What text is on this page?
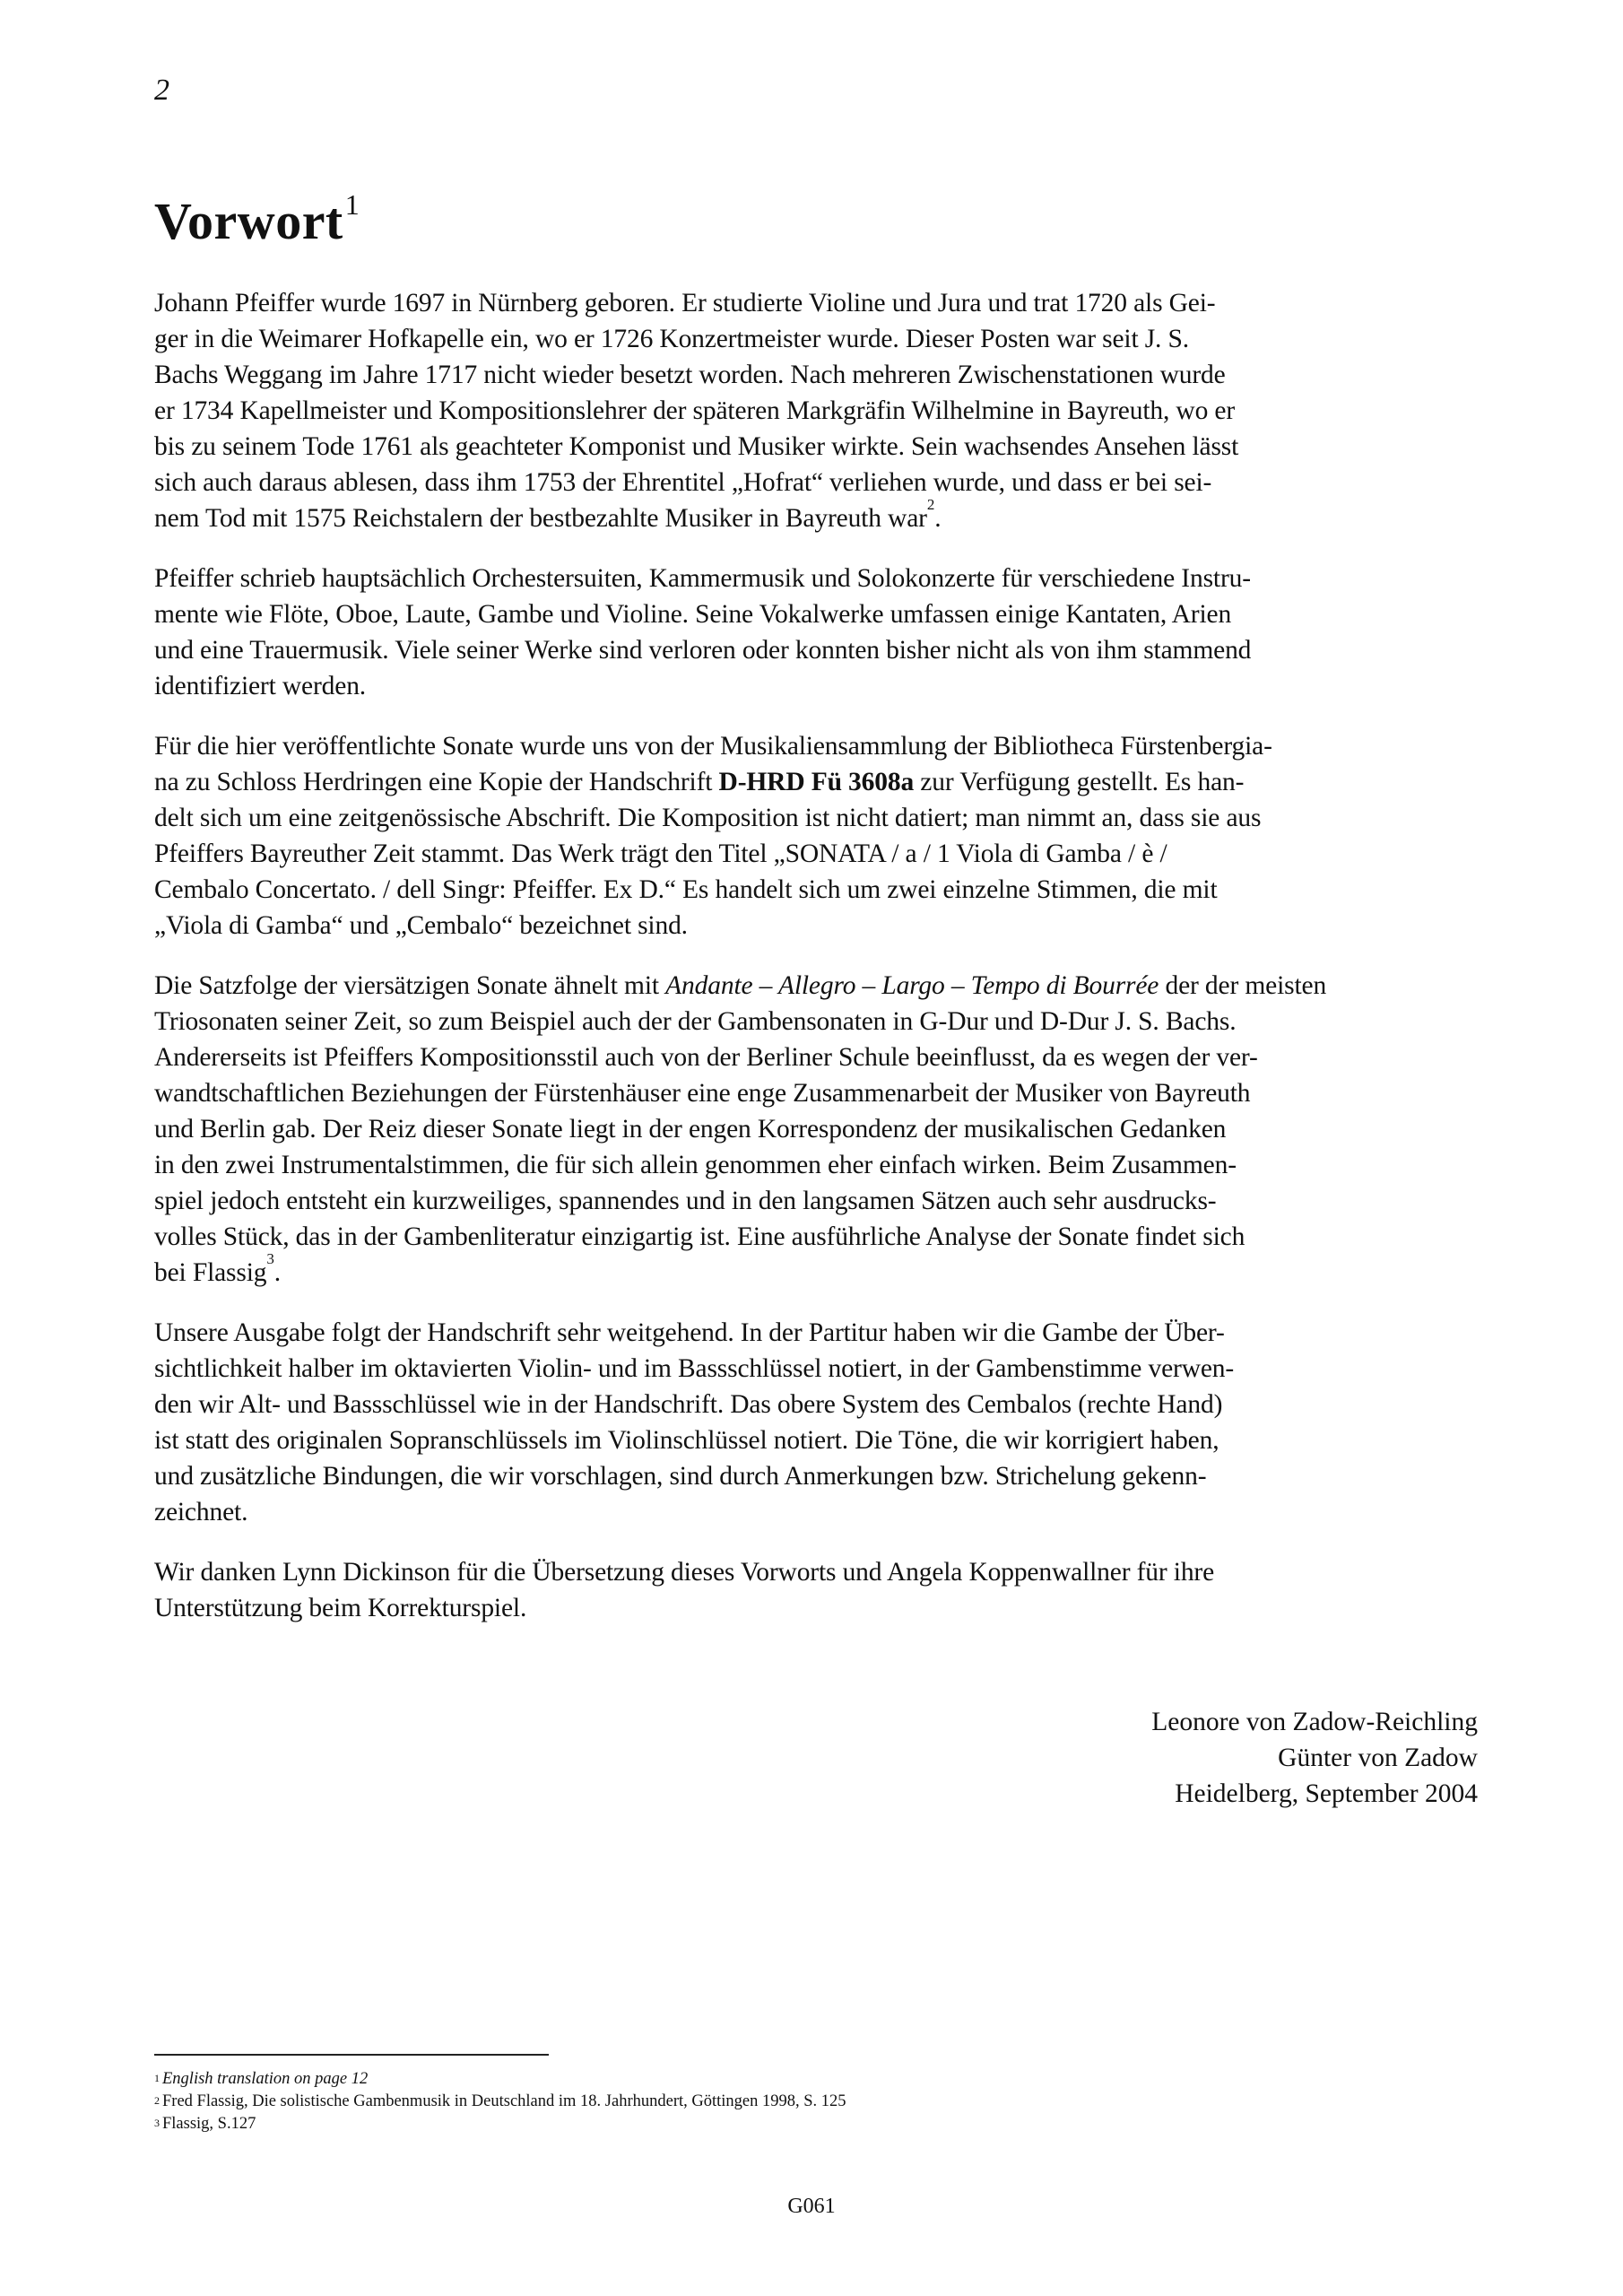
2
Vorwort$^1$

Johann Pfeiffer wurde 1697 in Nürnberg geboren. Er studierte Violine und Jura und trat 1720 als Gei-
ger in die Weimarer Hofkapelle ein, wo er 1726 Konzertmeister wurde. Dieser Posten war seit J. S.
Bachs Weggang im Jahre 1717 nicht wieder besetzt worden. Nach mehreren Zwischenstationen wurde
er 1734 Kapellmeister und Kompositionslehrer der späteren Markgräfin Wilhelmine in Bayreuth, wo er
bis zu seinem Tode 1761 als geachteter Komponist und Musiker wirkte. Sein wachsendes Ansehen lässt
sich auch daraus ablesen, dass ihm 1753 der Ehrentitel „Hofrat“ verliehen wurde, und dass er bei sei-
nem Tod mit 1575 Reichstalern der bestbezahlte Musiker in Bayreuth war$^2$.

Pfeiffer schrieb hauptsächlich Orchestersuiten, Kammermusik und Solokonzerte für verschiedene Instru-
mente wie Flöte, Oboe, Laute, Gambe und Violine. Seine Vokalwerke umfassen einige Kantaten, Arien
und eine Trauermusik. Viele seiner Werke sind verloren oder konnten bisher nicht als von ihm stammend
identifiziert werden.

Für die hier veröffentlichte Sonate wurde uns von der Musikaliensammlung der Bibliotheca Fürstenbergia-
na zu Schloss Herdringen eine Kopie der Handschrift D-HRD Fü 3608a zur Verfügung gestellt. Es han-
delt sich um eine zeitgenössische Abschrift. Die Komposition ist nicht datiert; man nimmt an, dass sie aus
Pfeiffers Bayreuther Zeit stammt. Das Werk trägt den Titel „SONATA / a / 1 Viola di Gamba / è /
Cembalo Concertato. / dell Singr: Pfeiffer. Ex D.“ Es handelt sich um zwei einzelne Stimmen, die mit
„Viola di Gamba“ und „Cembalo“ bezeichnet sind.

Die Satzfolge der viersätzigen Sonate ähnelt mit Andante – Allegro – Largo – Tempo di Bourrée der der meisten
Triosonaten seiner Zeit, so zum Beispiel auch der der Gambensonaten in G-Dur und D-Dur J. S. Bachs.
Andererseits ist Pfeiffers Kompositionsstil auch von der Berliner Schule beeinflusst, da es wegen der ver-
wandtschaftlichen Beziehungen der Fürstenhäuser eine enge Zusammenarbeit der Musiker von Bayreuth
und Berlin gab. Der Reiz dieser Sonate liegt in der engen Korrespondenz der musikalischen Gedanken
in den zwei Instrumentalstimmen, die für sich allein genommen eher einfach wirken. Beim Zusammen-
spiel jedoch entsteht ein kurzweiliges, spannendes und in den langsamen Sätzen auch sehr ausdrucks-
volles Stück, das in der Gambenliteratur einzigartig ist. Eine ausführliche Analyse der Sonate findet sich
bei Flassig$^3$.

Unsere Ausgabe folgt der Handschrift sehr weitgehend. In der Partitur haben wir die Gambe der Über-
sichtlichkeit halber im oktavierten Violin- und im Bassschlüssel notiert, in der Gambenstimme verwen-
den wir Alt- und Bassschlüssel wie in der Handschrift. Das obere System des Cembalos (rechte Hand)
ist statt des originalen Sopranschlüssels im Violinschlüssel notiert. Die Töne, die wir korrigiert haben,
und zusätzliche Bindungen, die wir vorschlagen, sind durch Anmerkungen bzw. Strichelung gekenn-
zeichnet.

Wir danken Lynn Dickinson für die Übersetzung dieses Vorworts und Angela Koppenwallner für ihre
Unterstützung beim Korrekturspiel.

Leonore von Zadow-Reichling
Günter von Zadow
Heidelberg, September 2004
$^1$ English translation on page 12
$^2$ Fred Flassig, Die solistische Gambenmusik in Deutschland im 18. Jahrhundert, Göttingen 1998, S. 125
$^3$ Flassig, S.127
G061
